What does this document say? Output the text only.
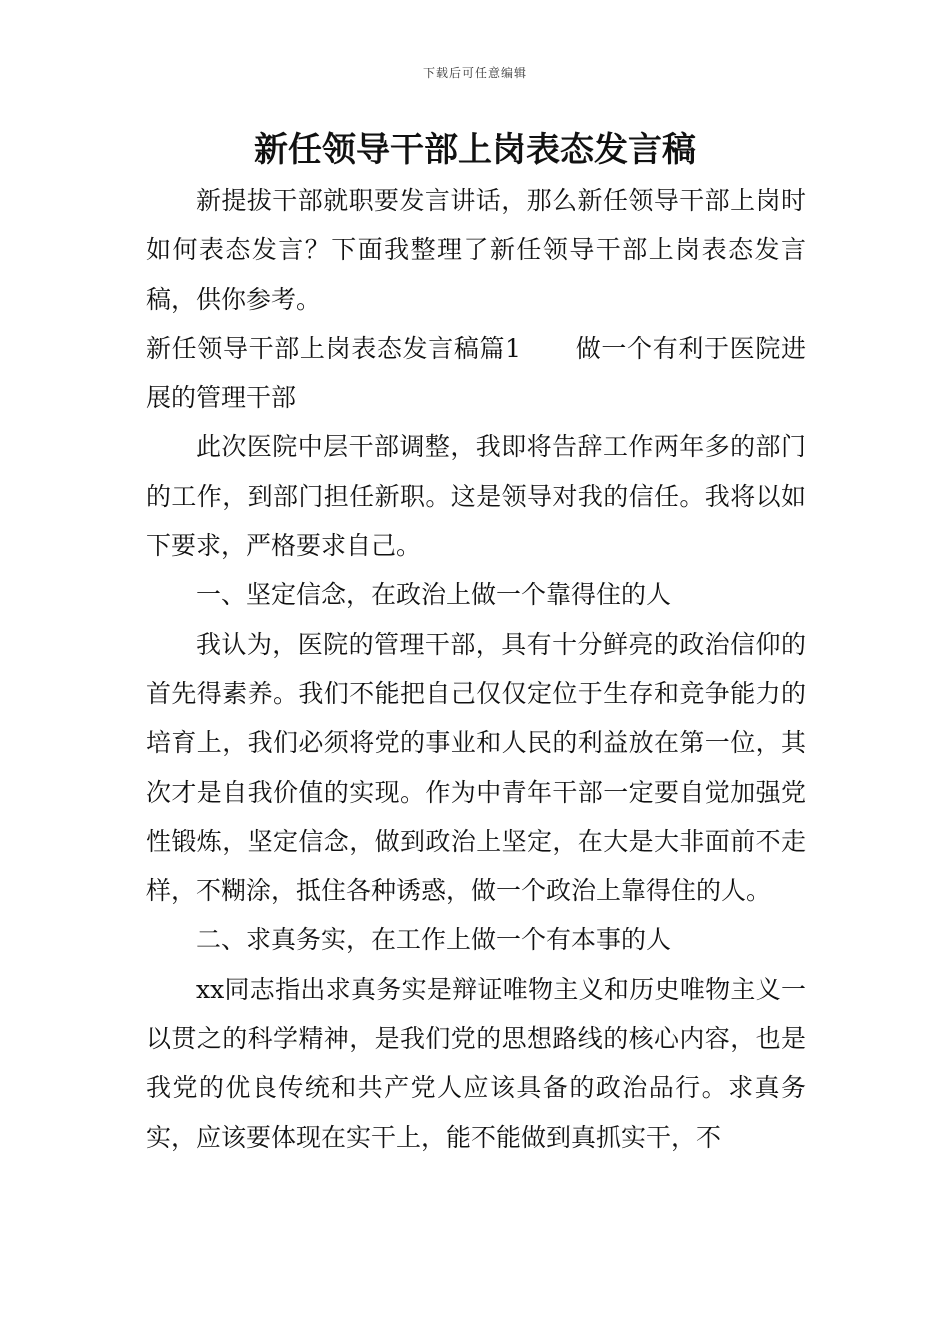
下载后可任意编辑
新任领导干部上岗表态发言稿

新提拔干部就职要发言讲话，那么新任领导干部上岗时如何表态发言？下面我整理了新任领导干部上岗表态发言稿，供你参考。

新任领导干部上岗表态发言稿篇1 做一个有利于医院进展的管理干部

此次医院中层干部调整，我即将告辞工作两年多的部门的工作，到部门担任新职。这是领导对我的信任。我将以如下要求，严格要求自己。

一、坚定信念，在政治上做一个靠得住的人

我认为，医院的管理干部，具有十分鲜亮的政治信仰的首先得素养。我们不能把自己仅仅定位于生存和竞争能力的培育上，我们必须将党的事业和人民的利益放在第一位，其次才是自我价值的实现。作为中青年干部一定要自觉加强党性锻炼，坚定信念，做到政治上坚定，在大是大非面前不走样，不糊涂，抵住各种诱惑，做一个政治上靠得住的人。

二、求真务实，在工作上做一个有本事的人

xx同志指出求真务实是辩证唯物主义和历史唯物主义一以贯之的科学精神，是我们党的思想路线的核心内容，也是我党的优良传统和共产党人应该具备的政治品行。求真务实，应该要体现在实干上，能不能做到真抓实干，不
